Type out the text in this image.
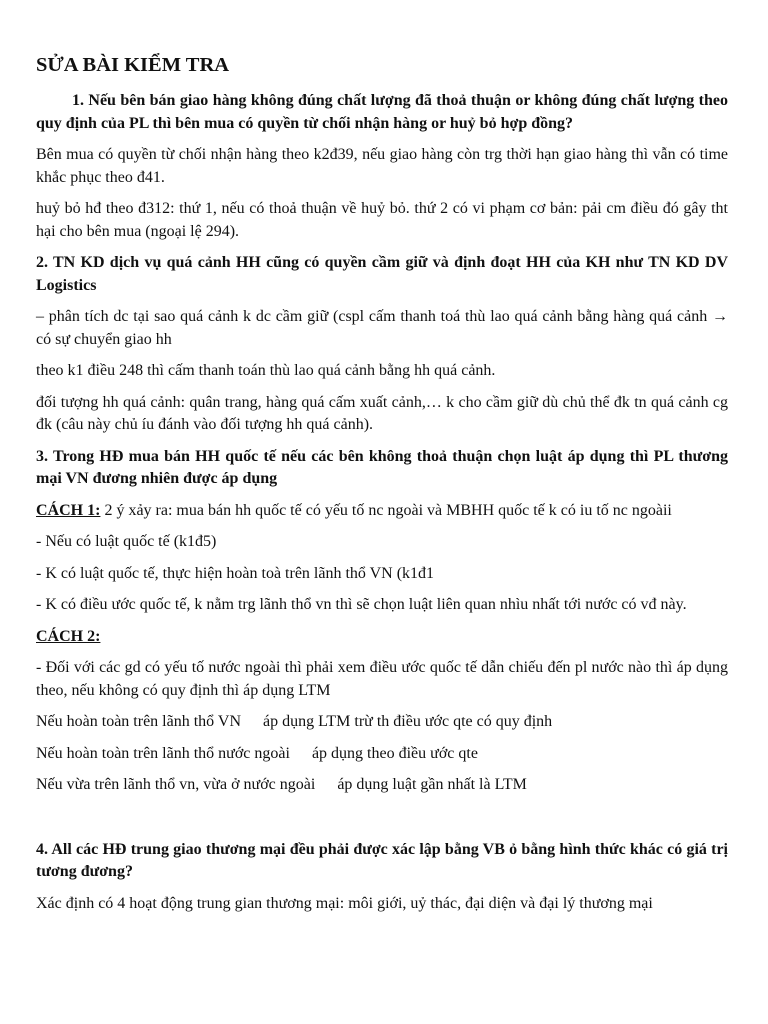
SỬA BÀI KIỂM TRA

1. Nếu bên bán giao hàng không đúng chất lượng đã thoả thuận or không đúng chất lượng theo quy định của PL thì bên mua có quyền từ chối nhận hàng or huỷ bỏ hợp đồng?

Bên mua có quyền từ chối nhận hàng theo k2đ39, nếu giao hàng còn trg thời hạn giao hàng thì vẫn có time khắc phục theo đ41.

huỷ bỏ hđ theo đ312: thứ 1, nếu có thoả thuận về huỷ bỏ. thứ 2 có vi phạm cơ bản: pải cm điều đó gây tht hại cho bên mua (ngoại lệ 294).

2. TN KD dịch vụ quá cảnh HH cũng có quyền cầm giữ và định đoạt HH của KH như TN KD DV Logistics

– phân tích dc tại sao quá cảnh k dc cầm giữ (cspl cấm thanh toá thù lao quá cảnh bằng hàng quá cảnh → có sự chuyển giao hh

theo k1 điều 248 thì cấm thanh toán thù lao quá cảnh bằng hh quá cảnh.

đối tượng hh quá cảnh: quân trang, hàng quá cấm xuất cảnh,… k cho cầm giữ dù chủ thể đk tn quá cảnh cg đk (câu này chủ íu đánh vào đối tượng hh quá cảnh).

3. Trong HĐ mua bán HH quốc tế nếu các bên không thoả thuận chọn luật áp dụng thì PL thương mại VN đương nhiên được áp dụng

CÁCH 1: 2 ý xảy ra: mua bán hh quốc tế có yếu tố nc ngoài và MBHH quốc tế k có iu tố nc ngoàii

- Nếu có luật quốc tế (k1đ5)

- K có luật quốc tế, thực hiện hoàn toà trên lãnh thổ VN (k1đ1

- K có điều ước quốc tế, k nằm trg lãnh thổ vn thì sẽ chọn luật liên quan nhìu nhất tới nước có vđ này.

CÁCH 2:

- Đối với các gd có yếu tố nước ngoài thì phải xem điều ước quốc tế dẫn chiếu đến pl nước nào thì áp dụng theo, nếu không có quy định thì áp dụng LTM

Nếu hoàn toàn trên lãnh thổ VN áp dụng LTM trừ th điều ước qte có quy định

Nếu hoàn toàn trên lãnh thổ nước ngoài áp dụng theo điều ước qte

Nếu vừa trên lãnh thổ vn, vừa ở nước ngoài áp dụng luật gần nhất là LTM

4. All các HĐ trung giao thương mại đều phải được xác lập bằng VB ỏ bằng hình thức khác có giá trị tương đương?

Xác định có 4 hoạt động trung gian thương mại: môi giới, uỷ thác, đại diện và đại lý thương mại
